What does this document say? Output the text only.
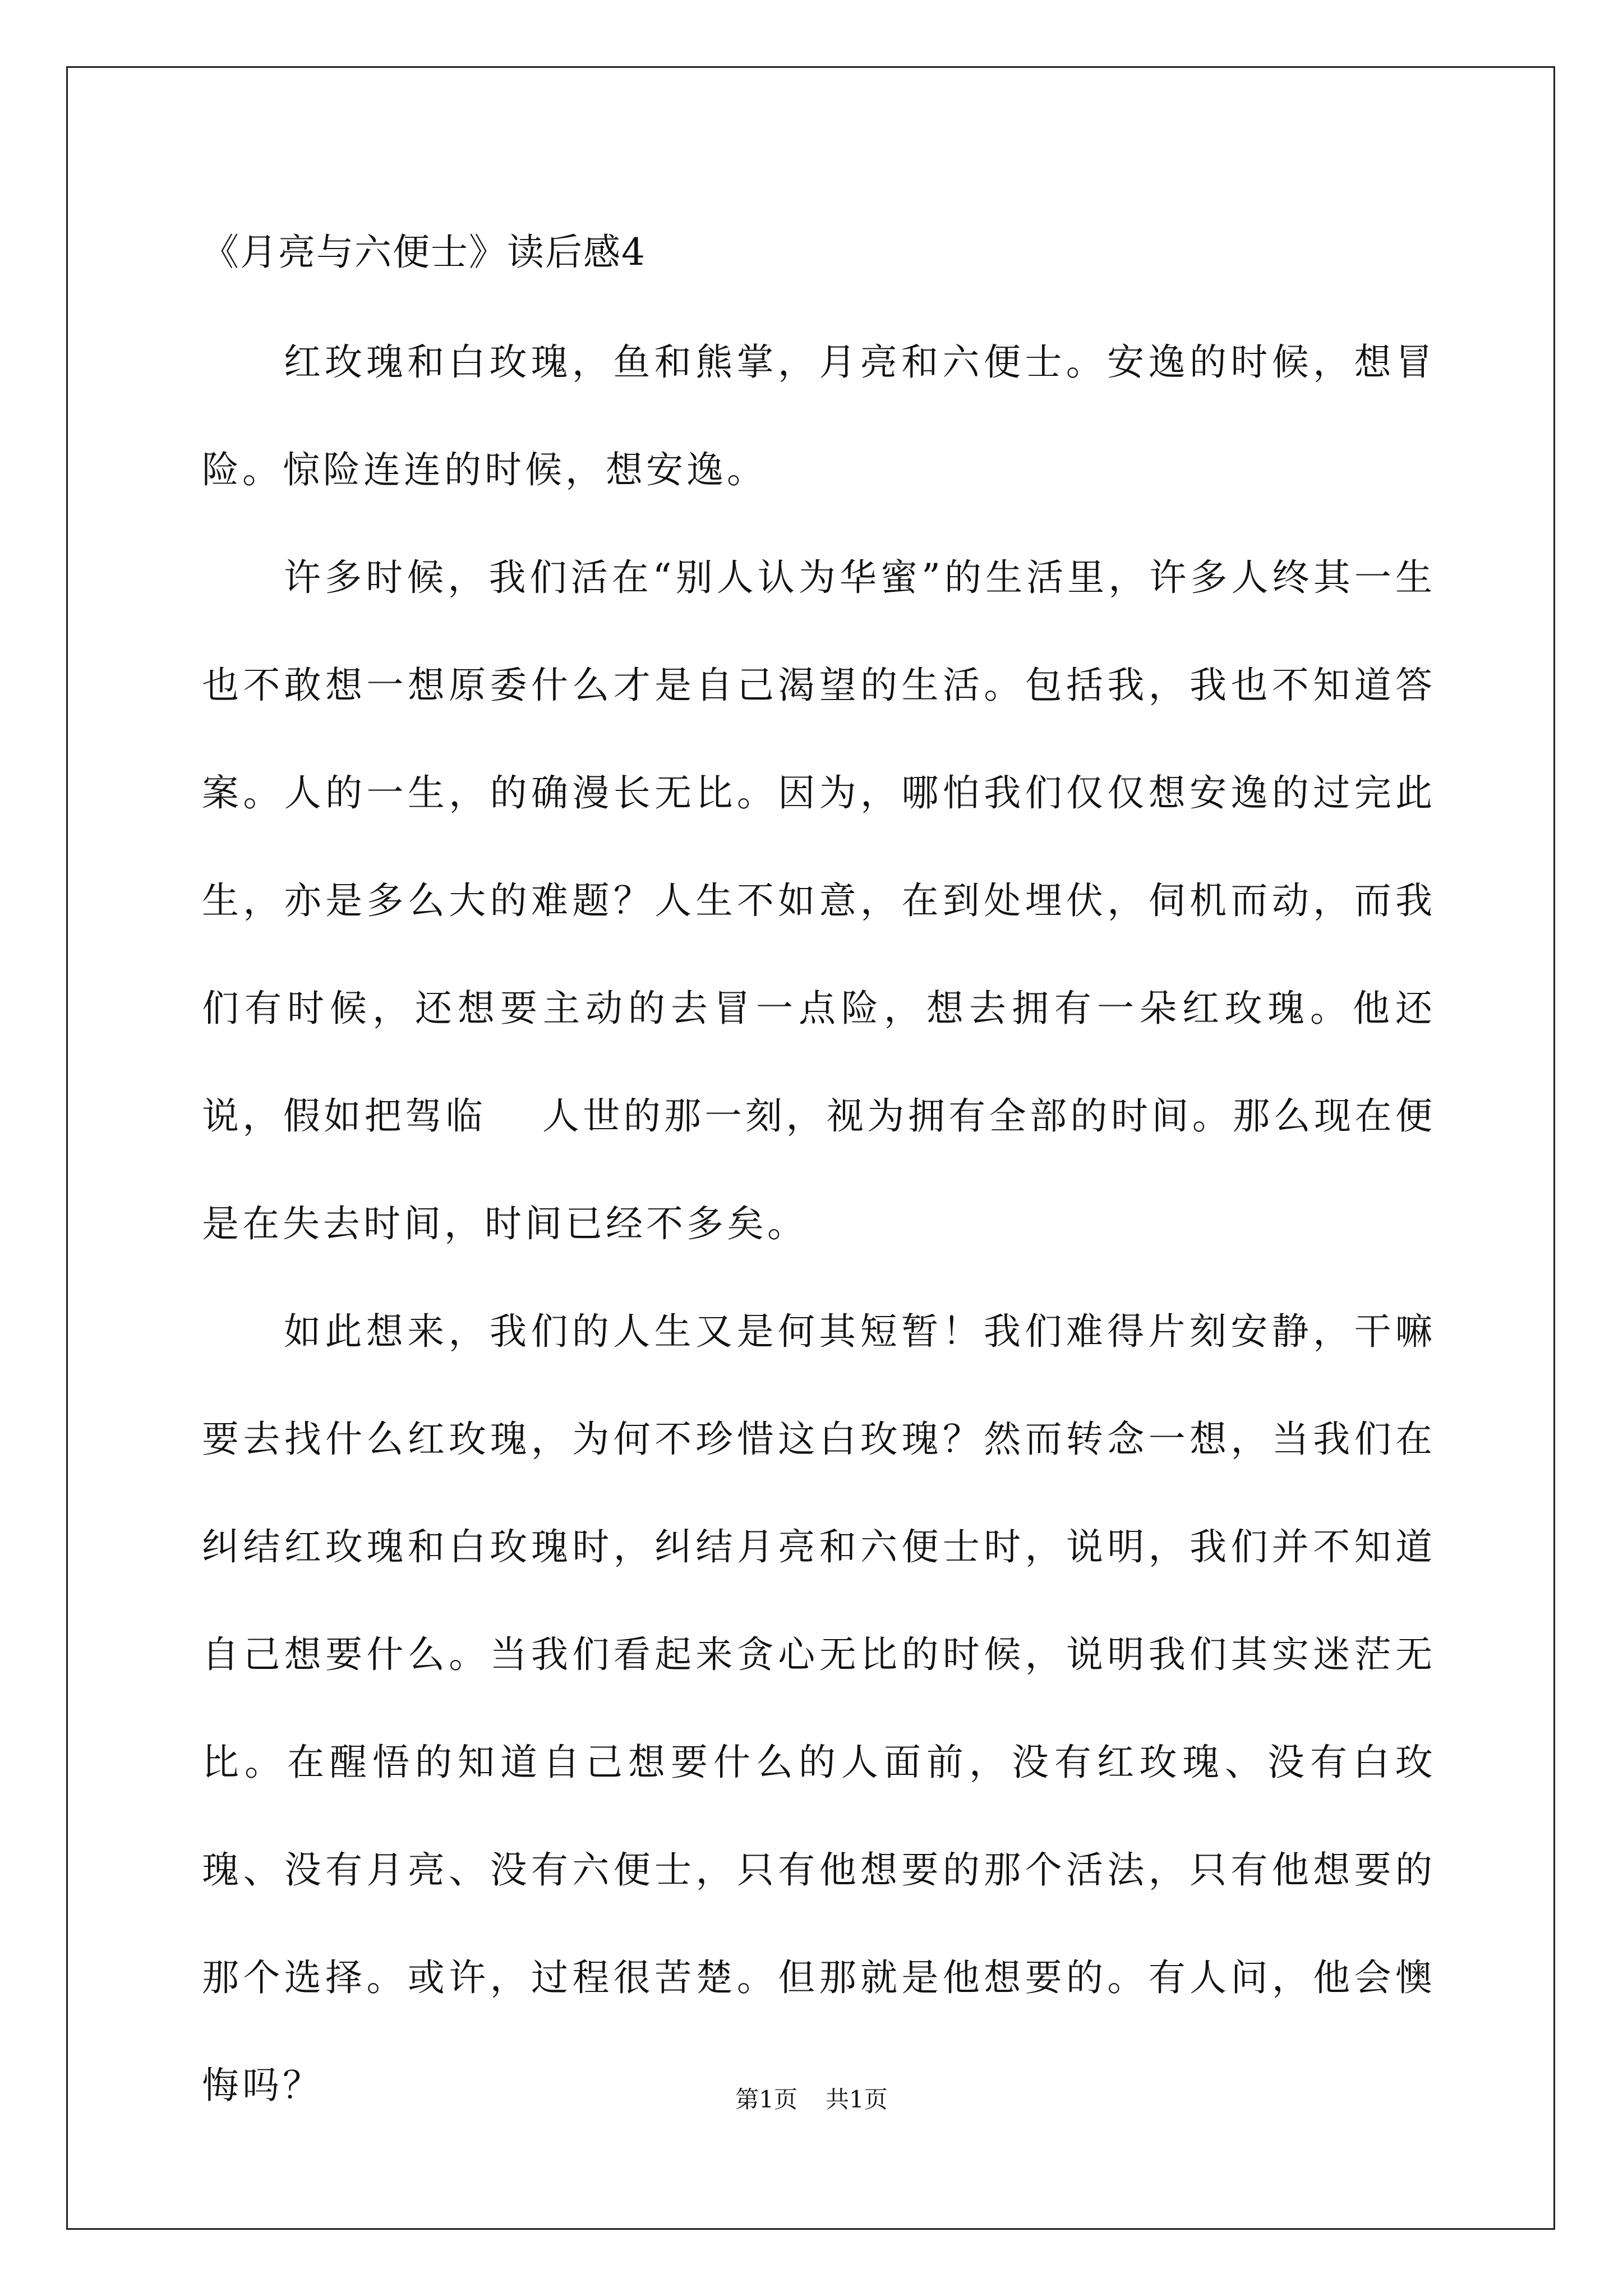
《月亮与六便士》读后感4

红玫瑰和白玫瑰，鱼和熊掌，月亮和六便士。安逸的时候，想冒险。惊险连连的时候，想安逸。

许多时候，我们活在“别人认为华蜜”的生活里，许多人终其一生也不敢想一想原委什么才是自己渴望的生活。包括我，我也不知道答案。人的一生，的确漫长无比。因为，哪怕我们仅仅想安逸的过完此生，亦是多么大的难题？人生不如意，在到处埋伏，伺机而动，而我们有时候，还想要主动的去冒一点险，想去拥有一朵红玫瑰。他还说，假如把驾临　 人世的那一刻，视为拥有全部的时间。那么现在便是在失去时间，时间已经不多矣。

如此想来，我们的人生又是何其短暂！我们难得片刻安静，干嘛要去找什么红玫瑰，为何不珍惜这白玫瑰？然而转念一想，当我们在纠结红玫瑰和白玫瑰时，纠结月亮和六便士时，说明，我们并不知道自己想要什么。当我们看起来贪心无比的时候，说明我们其实迷茫无比。在醒悟的知道自己想要什么的人面前，没有红玫瑰、没有白玫瑰、没有月亮、没有六便士，只有他想要的那个活法，只有他想要的那个选择。或许，过程很苦楚。但那就是他想要的。有人问，他会懊悔吗？	第1页 共1页
